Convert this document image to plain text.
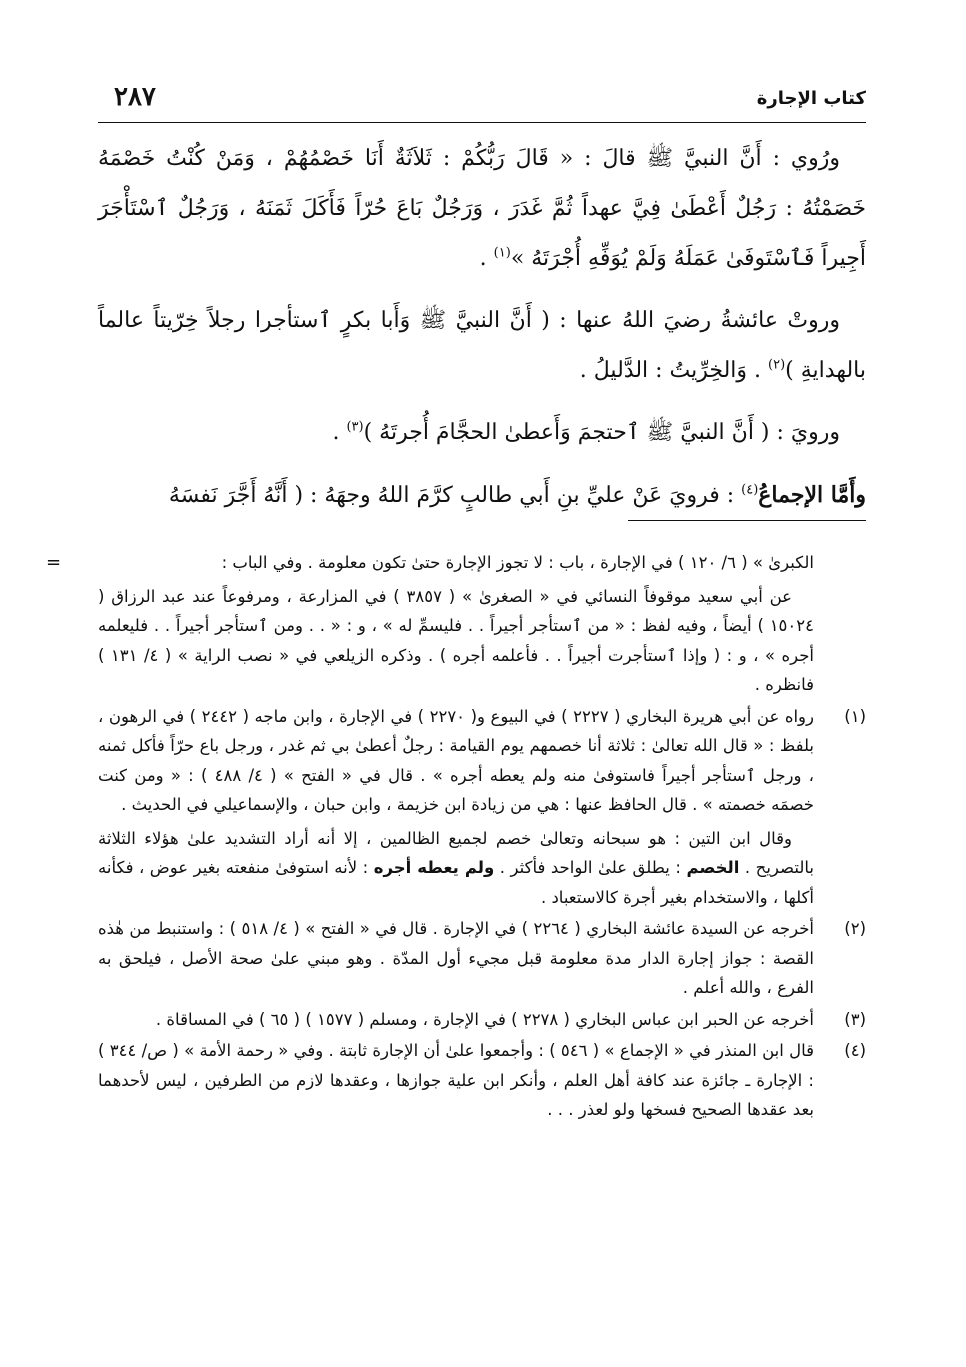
كتاب الإجارة
٢٨٧

ورُوي : أَنَّ النبيَّ ﷺ قالَ : « قَالَ رَبُّكُمْ : ثَلاَثَةٌ أَنَا خَصْمُهُمْ ، وَمَنْ كُنْتُ خَصْمَهُ خَصَمْتُهُ : رَجُلٌ أَعْطَىٰ فِيَّ عهداً ثُمَّ غَدَرَ ، وَرَجُلٌ بَاعَ حُرّاً فَأَكَلَ ثَمَنَهُ ، وَرَجُلٌ ٱسْتَأْجَرَ أَجِيراً فَٱسْتَوفَىٰ عَمَلَهُ وَلَمْ يُوَفِّهِ أُجْرَتَهُ »$^{(١)}$ .

وروتْ عائشةُ رضيَ اللهُ عنها : ( أَنَّ النبيَّ ﷺ وَأَبا بكرٍ ٱستأجرا رجلاً خِرّيتاً عالماً بالهدايةِ )$^{(٢)}$ . وَالخِرِّيتُ : الدَّليلُ .

ورويَ : ( أَنَّ النبيَّ ﷺ ٱحتجمَ وَأَعطىٰ الحجَّامَ أُجرتَهُ )$^{(٣)}$ .

وأَمَّا الإجماعُ$^{(٤)}$ : فرويَ عَنْ عليِّ بنِ أَبي طالبٍ كرَّمَ اللهُ وجهَهُ : ( أَنَّهُ أَجَّرَ نَفسَهُ

=	الكبرىٰ » ( ٦/ ١٢٠ ) في الإجارة ، باب : لا تجوز الإجارة حتىٰ تكون معلومة . وفي الباب :
عن أبي سعيد موقوفاً النسائي في « الصغرىٰ » ( ٣٨٥٧ ) في المزارعة ، ومرفوعاً عند عبد الرزاق ( ١٥٠٢٤ ) أيضاً ، وفيه لفظ : « من ٱستأجر أجيراً . . فليسمِّ له » ، و : « . . ومن ٱستأجر أجيراً . . فليعلمه أجره » ، و : ( وإذا ٱستأجرت أجيراً . . فأعلمه أجره ) . وذكره الزيلعي في « نصب الراية » ( ٤/ ١٣١ ) فانظره .
(١)
رواه عن أبي هريرة البخاري ( ٢٢٢٧ ) في البيوع و( ٢٢٧٠ ) في الإجارة ، وابن ماجه ( ٢٤٤٢ ) في الرهون ، بلفظ : « قال الله تعالىٰ : ثلاثة أنا خصمهم يوم القيامة : رجلٌ أعطىٰ بي ثم غدر ، ورجل باع حرّاً فأكل ثمنه ، ورجل ٱستأجر أجيراً فاستوفىٰ منه ولم يعطه أجره » . قال في « الفتح » ( ٤/ ٤٨٨ ) : « ومن كنت خصمَه خصمته » . قال الحافظ عنها : هي من زيادة ابن خزيمة ، وابن حبان ، والإسماعيلي في الحديث .
وقال ابن التين : هو سبحانه وتعالىٰ خصم لجميع الظالمين ، إلا أنه أراد التشديد علىٰ هؤلاء الثلاثة بالتصريح . الخصم : يطلق علىٰ الواحد فأكثر . ولم يعطه أجره : لأنه استوفىٰ منفعته بغير عوض ، فكأنه أكلها ، والاستخدام بغير أجرة كالاستعباد .
(٢)
أخرجه عن السيدة عائشة البخاري ( ٢٢٦٤ ) في الإجارة . قال في « الفتح » ( ٤/ ٥١٨ ) : واستنبط من هٰذه القصة : جواز إجارة الدار مدة معلومة قبل مجيء أول المدّة . وهو مبني علىٰ صحة الأصل ، فيلحق به الفرع ، والله أعلم .
(٣)
أخرجه عن الحبر ابن عباس البخاري ( ٢٢٧٨ ) في الإجارة ، ومسلم ( ١٥٧٧ ) ( ٦٥ ) في المساقاة .
(٤)
قال ابن المنذر في « الإجماع » ( ٥٤٦ ) : وأجمعوا علىٰ أن الإجارة ثابتة . وفي « رحمة الأمة » ( ص/ ٣٤٤ ) : الإجارة ـ جائزة عند كافة أهل العلم ، وأنكر ابن علية جوازها ، وعقدها لازم من الطرفين ، ليس لأحدهما بعد عقدها الصحيح فسخها ولو لعذر . . .
